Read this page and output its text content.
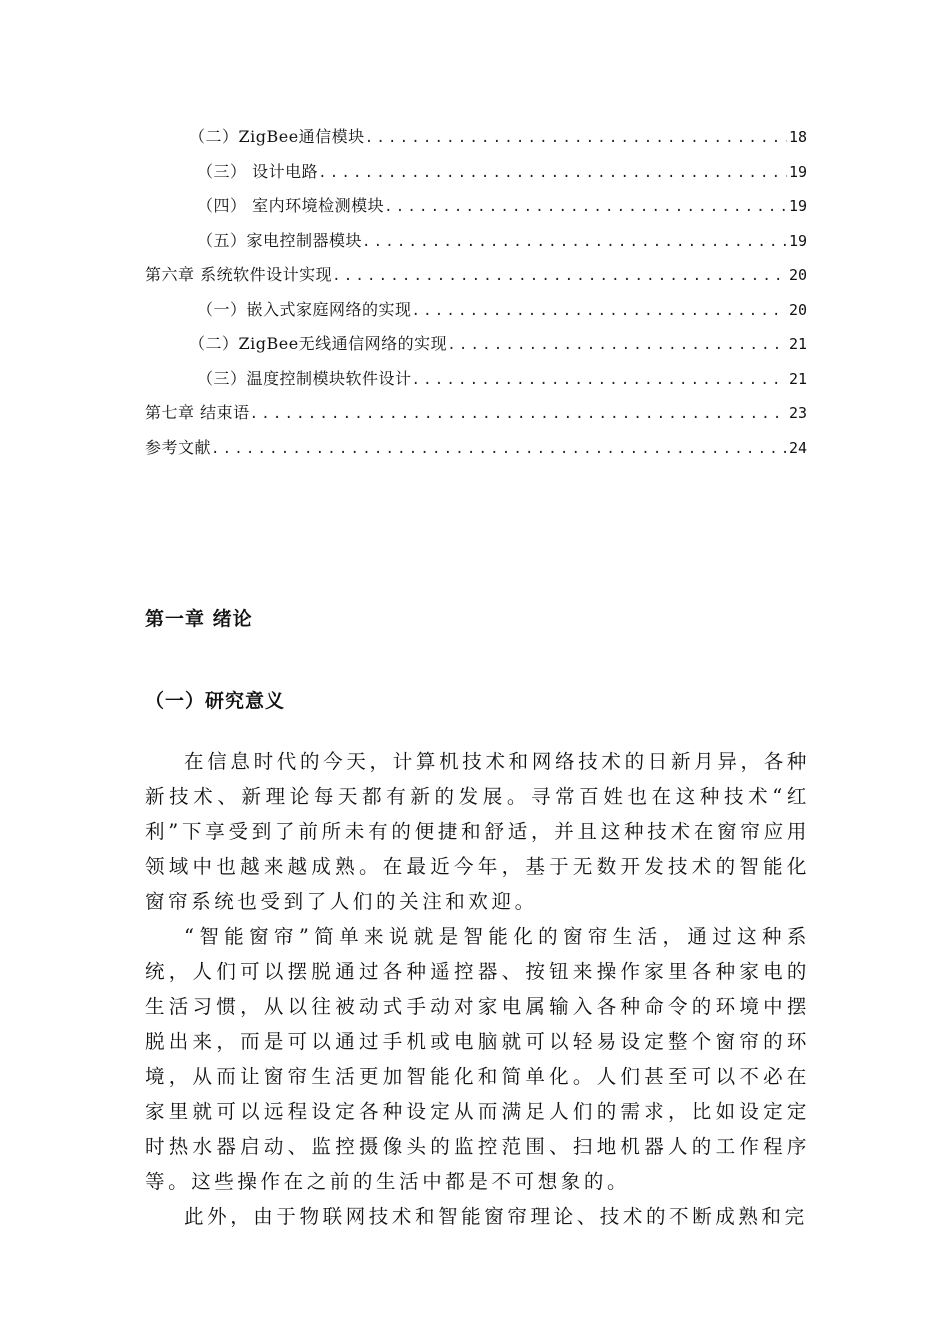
（二）ZigBee通信模块 .....	18
（三） 设计电路 .....	19
（四） 室内环境检测模块 .....	19
（五）家电控制器模块 .....	19
第六章 系统软件设计实现 .....	20
（一）嵌入式家庭网络的实现 .....	20
（二）ZigBee无线通信网络的实现 .....	21
（三）温度控制模块软件设计 .....	21
第七章 结束语 .....	23
参考文献 .....	24
第一章 绪论
（一）研究意义

在信息时代的今天，计算机技术和网络技术的日新月异，各种新技术、新理论每天都有新的发展。寻常百姓也在这种技术“红利”下享受到了前所未有的便捷和舒适，并且这种技术在窗帘应用领域中也越来越成熟。在最近今年，基于无数开发技术的智能化窗帘系统也受到了人们的关注和欢迎。

“智能窗帘”简单来说就是智能化的窗帘生活，通过这种系统，人们可以摆脱通过各种遥控器、按钮来操作家里各种家电的生活习惯，从以往被动式手动对家电属输入各种命令的环境中摆脱出来，而是可以通过手机或电脑就可以轻易设定整个窗帘的环境，从而让窗帘生活更加智能化和简单化。人们甚至可以不必在家里就可以远程设定各种设定从而满足人们的需求，比如设定定时热水器启动、监控摄像头的监控范围、扫地机器人的工作程序等。这些操作在之前的生活中都是不可想象的。

此外，由于物联网技术和智能窗帘理论、技术的不断成熟和完
